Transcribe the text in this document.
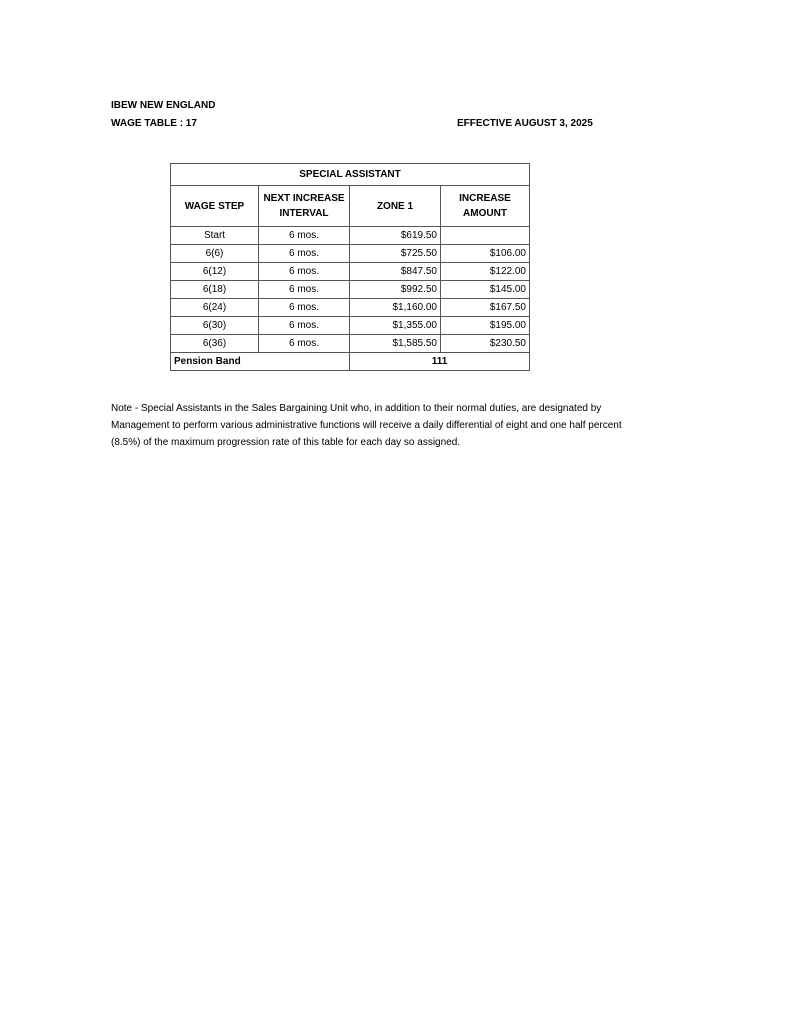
IBEW NEW ENGLAND
WAGE TABLE : 17	EFFECTIVE AUGUST 3, 2025
SPECIAL ASSISTANT			
WAGE STEP	NEXT INCREASE INTERVAL	ZONE 1	INCREASE AMOUNT
Start	6 mos.	$619.50	
6(6)	6 mos.	$725.50	$106.00
6(12)	6 mos.	$847.50	$122.00
6(18)	6 mos.	$992.50	$145.00
6(24)	6 mos.	$1,160.00	$167.50
6(30)	6 mos.	$1,355.00	$195.00
6(36)	6 mos.	$1,585.50	$230.50
Pension Band		111	

Note - Special Assistants in the Sales Bargaining Unit who, in addition to their normal duties, are designated by Management to perform various administrative functions will receive a daily differential of eight and one half percent (8.5%) of the maximum progression rate of this table for each day so assigned.
